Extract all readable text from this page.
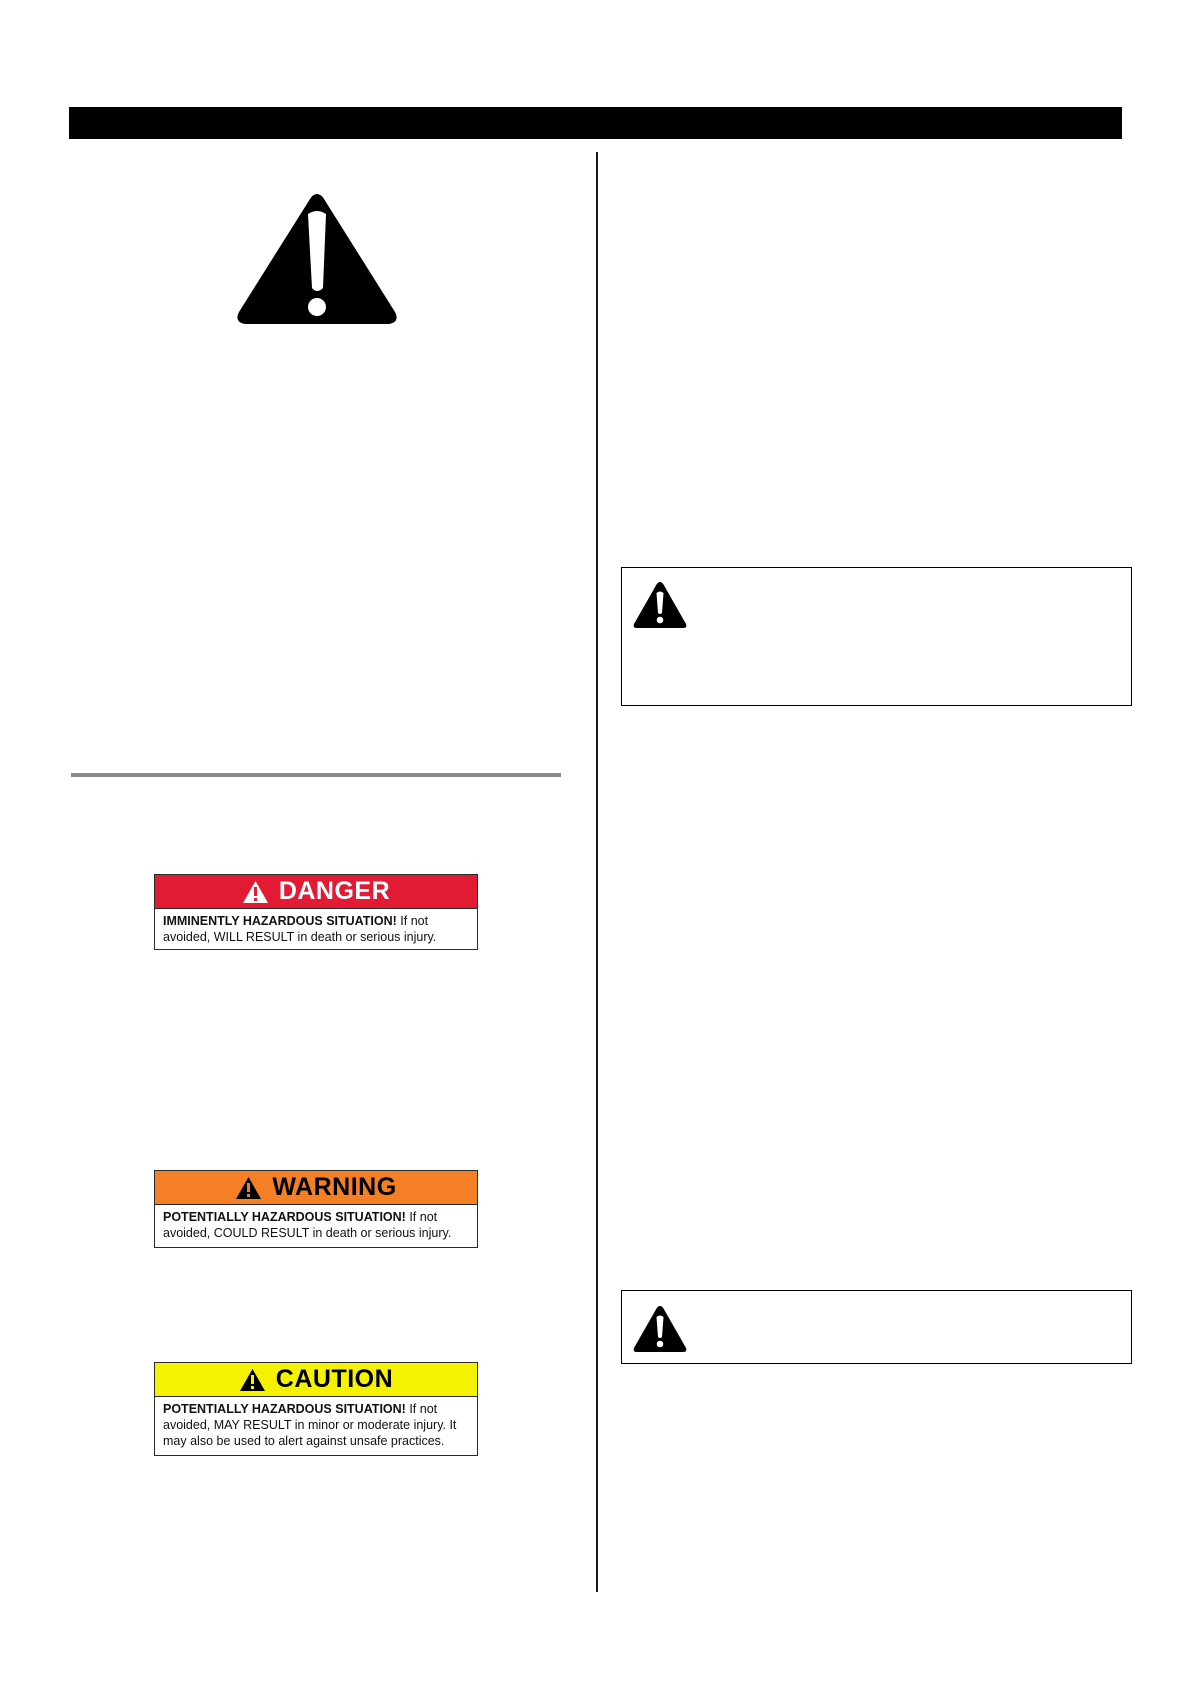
DANGER
IMMINENTLY HAZARDOUS SITUATION! If not avoided, WILL RESULT in death or serious injury.
WARNING
POTENTIALLY HAZARDOUS SITUATION! If not avoided, COULD RESULT in death or serious injury.
CAUTION
POTENTIALLY HAZARDOUS SITUATION! If not avoided, MAY RESULT in minor or moderate injury. It may also be used to alert against unsafe practices.
